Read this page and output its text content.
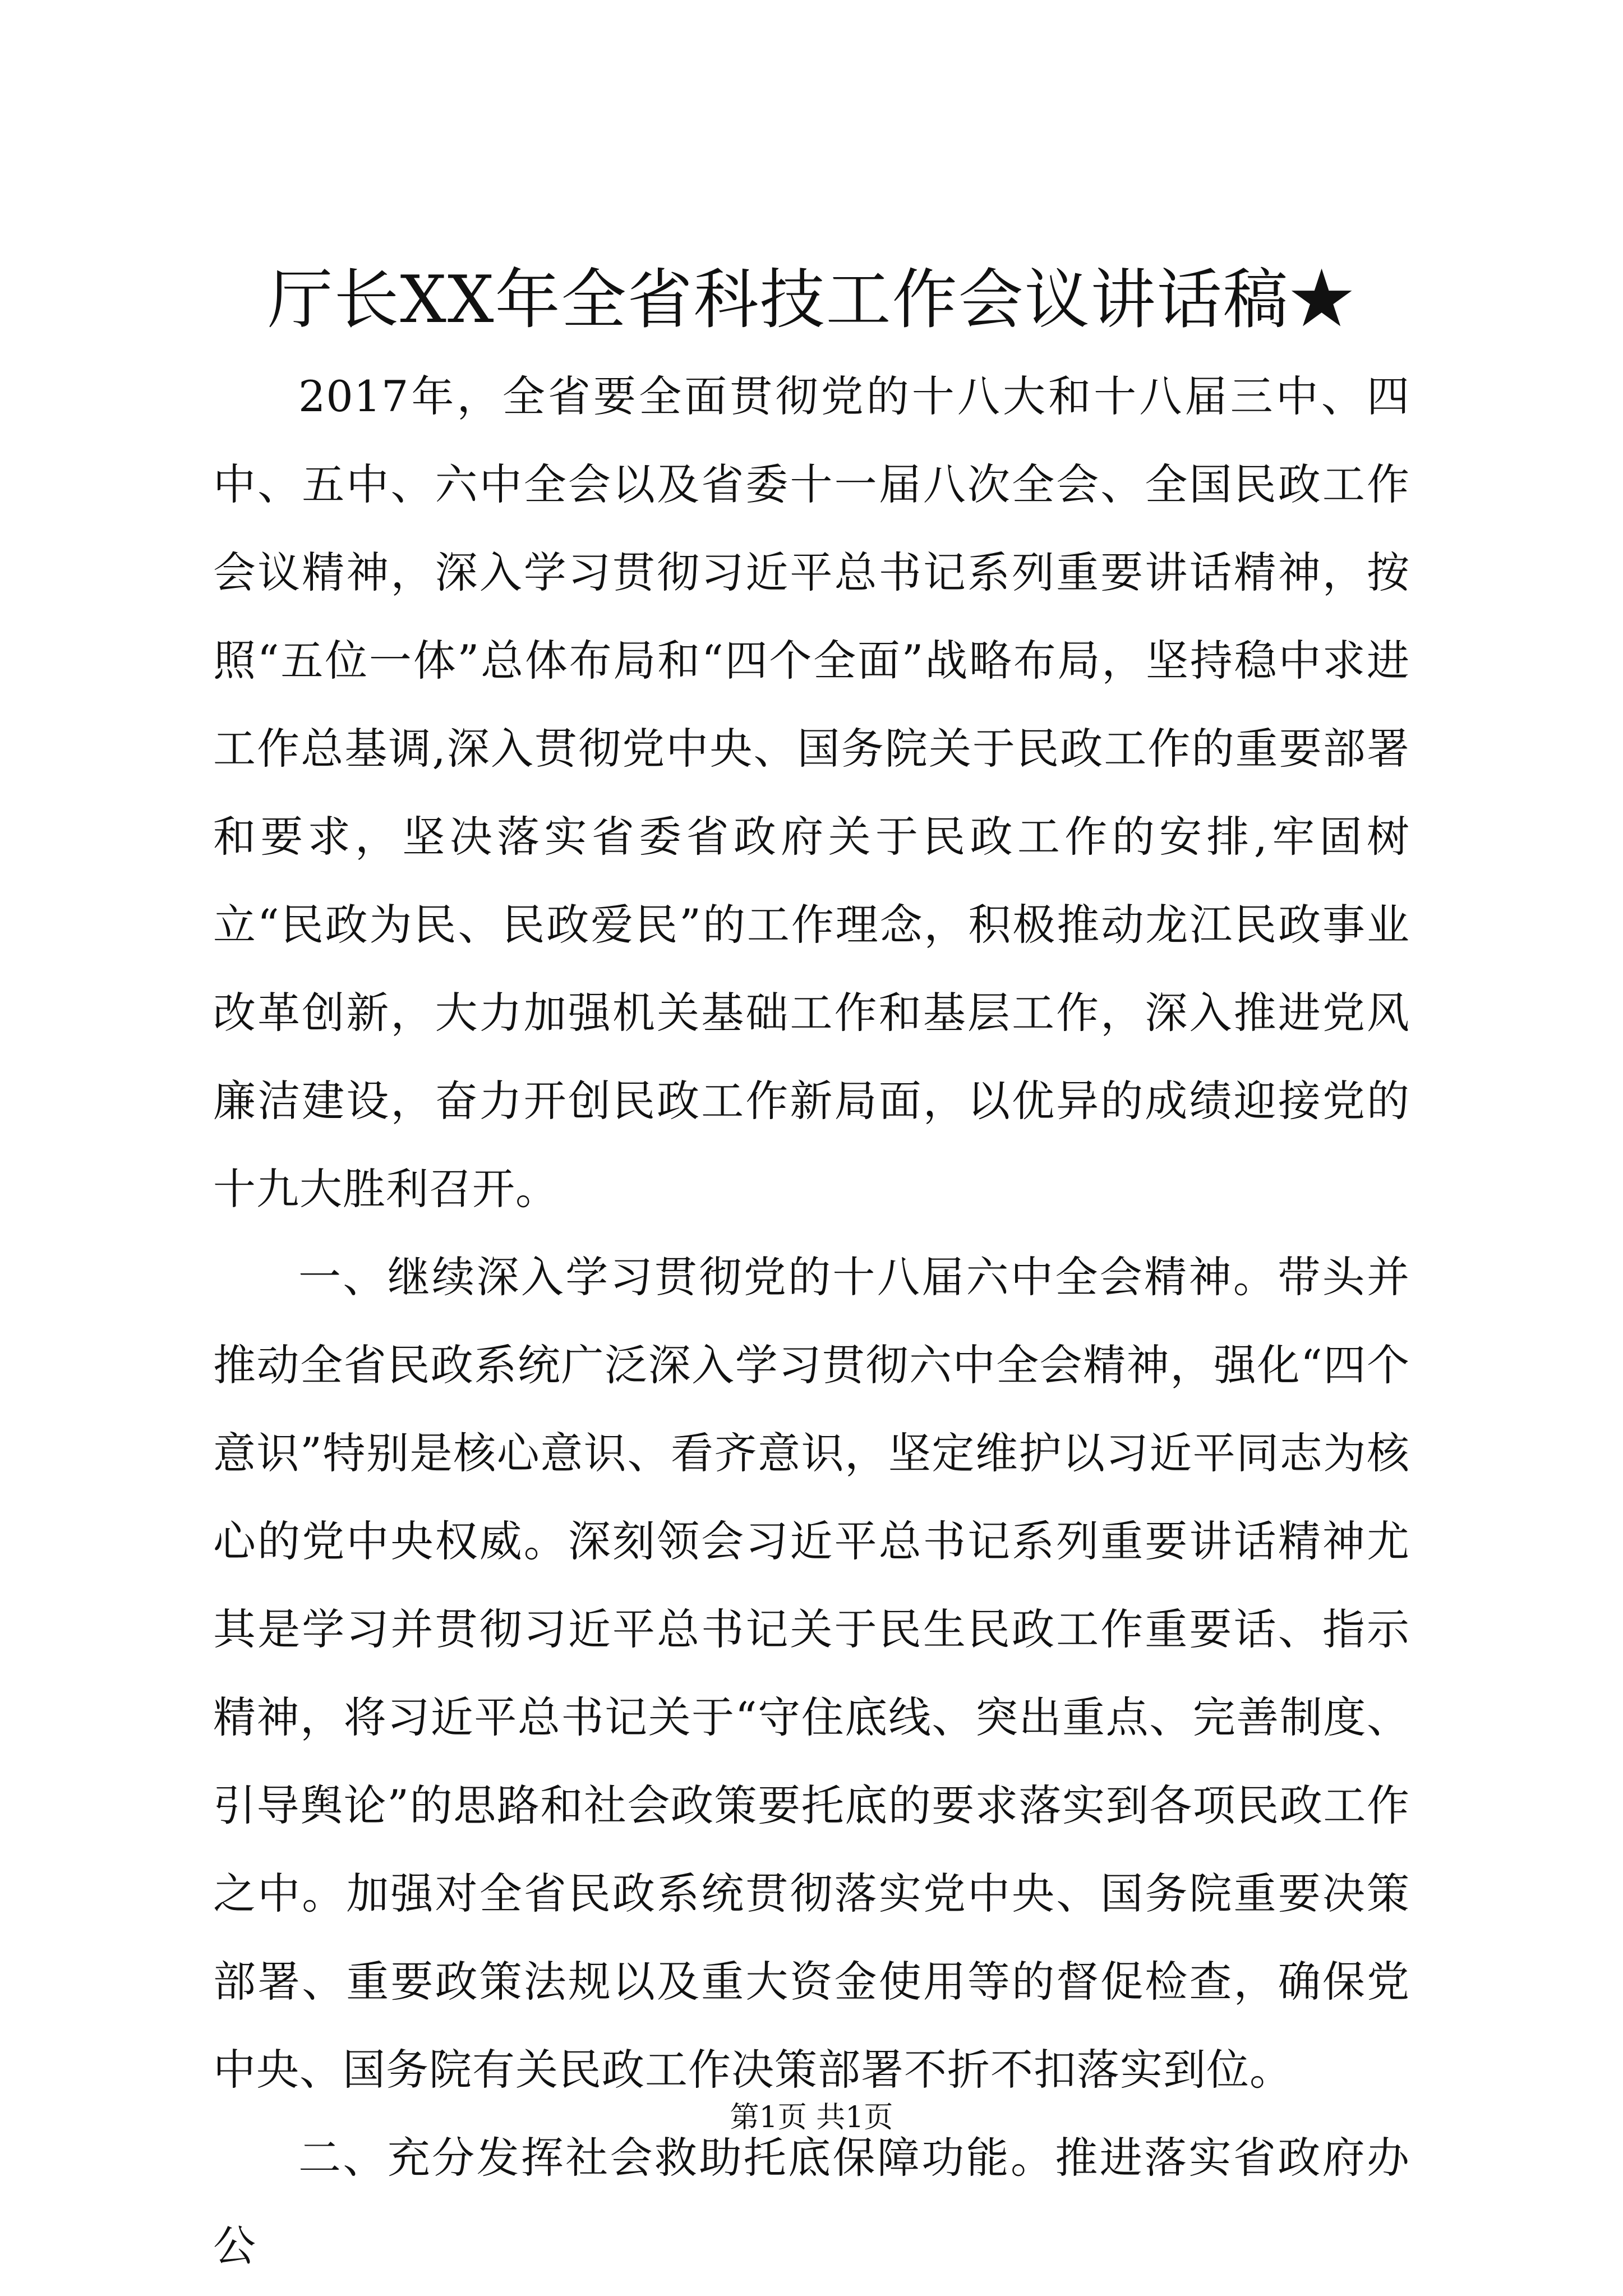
厅长XX年全省科技工作会议讲话稿★

2017年，全省要全面贯彻党的十八大和十八届三中、四中、五中、六中全会以及省委十一届八次全会、全国民政工作会议精神，深入学习贯彻习近平总书记系列重要讲话精神，按照“五位一体”总体布局和“四个全面”战略布局，坚持稳中求进工作总基调,深入贯彻党中央、国务院关于民政工作的重要部署和要求，坚决落实省委省政府关于民政工作的安排,牢固树立“民政为民、民政爱民”的工作理念，积极推动龙江民政事业改革创新，大力加强机关基础工作和基层工作，深入推进党风廉洁建设，奋力开创民政工作新局面，以优异的成绩迎接党的十九大胜利召开。

一、继续深入学习贯彻党的十八届六中全会精神。带头并推动全省民政系统广泛深入学习贯彻六中全会精神，强化“四个意识”特别是核心意识、看齐意识，坚定维护以习近平同志为核心的党中央权威。深刻领会习近平总书记系列重要讲话精神尤其是学习并贯彻习近平总书记关于民生民政工作重要话、指示精神，将习近平总书记关于“守住底线、突出重点、完善制度、引导舆论”的思路和社会政策要托底的要求落实到各项民政工作之中。加强对全省民政系统贯彻落实党中央、国务院重要决策部署、重要政策法规以及重大资金使用等的督促检查，确保党中央、国务院有关民政工作决策部署不折不扣落实到位。

二、充分发挥社会救助托底保障功能。推进落实省政府办公

第1页 共1页
